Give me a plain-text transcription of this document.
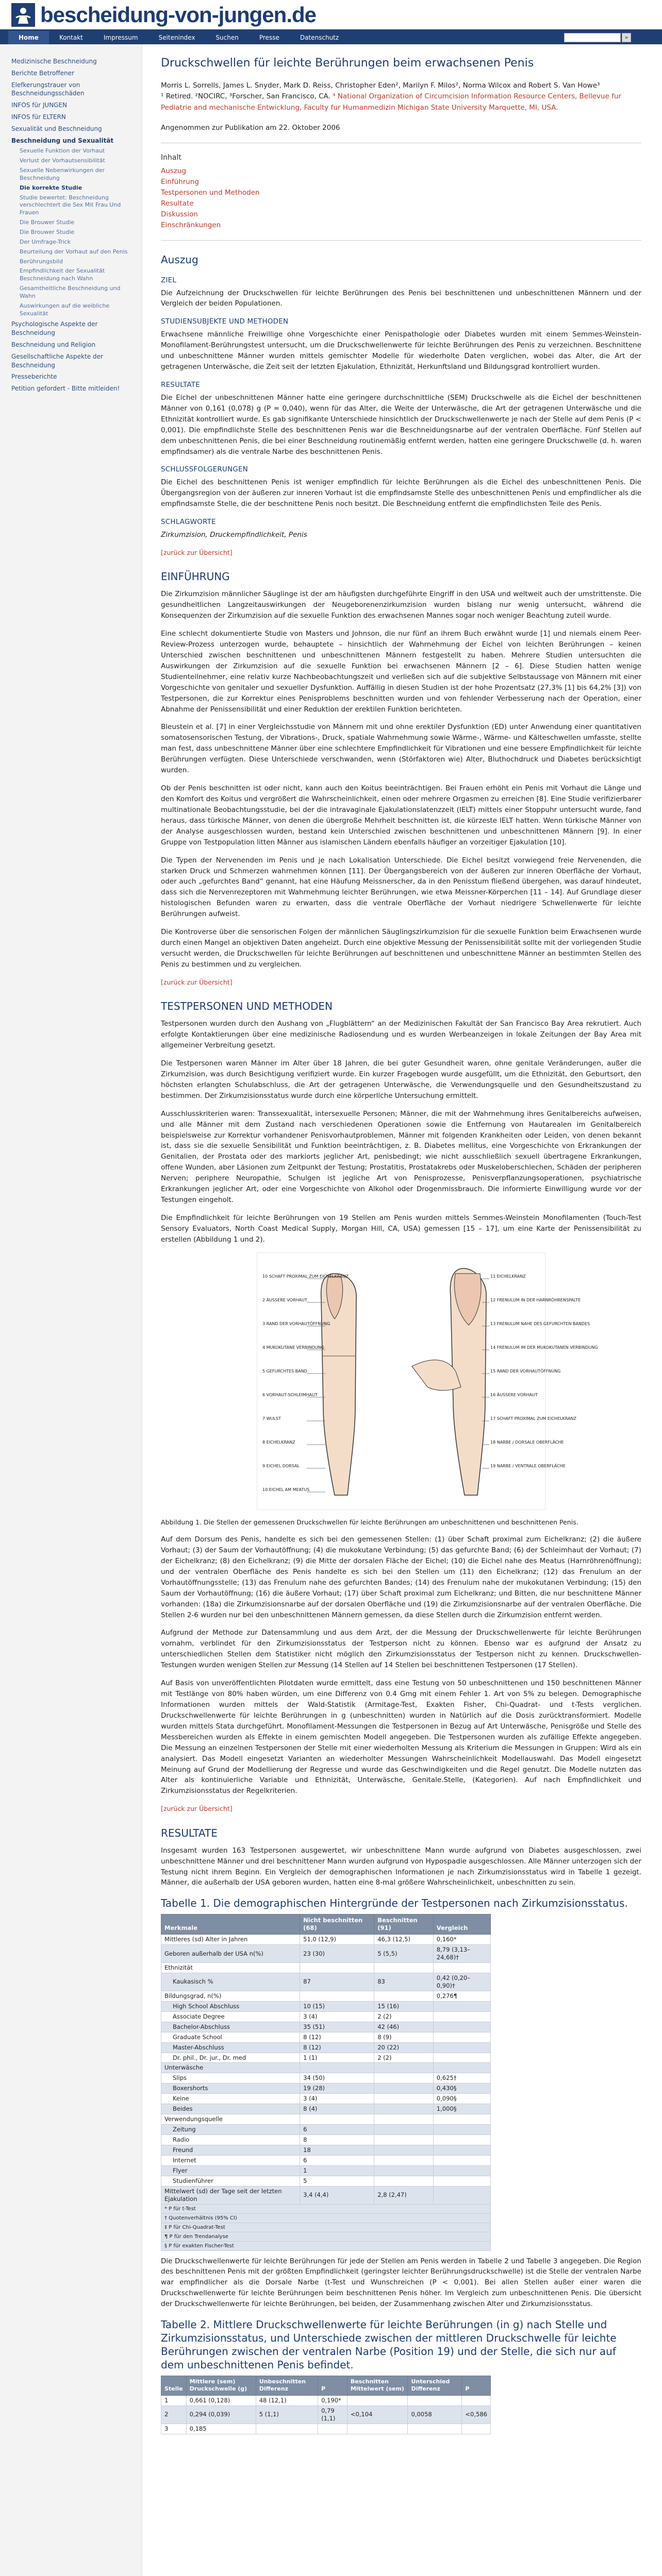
bescheidung-von-jungen.de
Home	Kontakt	Impressum	Seitenindex	Suchen	Presse	Datenschutz	»
Medizinische Beschneidung
Berichte Betroffener
Elefkerungstrauer von Beschneidungsschäden
INFOS für JUNGEN
INFOS für ELTERN
Sexualität und Beschneidung
Beschneidung und Sexualität
Sexuelle Funktion der Vorhaut
Verlust der Vorhautsensibilität
Sexuelle Nebenwirkungen der Beschneidung
Die korrekte Studie
Studie bewertet: Beschneidung verschlechtert die Sex Mit Frau Und Frauen
Die Brouwer Studie
Die Brouwer Studie
Der Umfrage-Trick
Beurteilung der Vorhaut auf den Penis
Berührungsbild
Empfindlichkeit der Sexualität Beschneidung nach Wahn
Gesamtheitliche Beschneidung und Wahn
Auswirkungen auf die weibliche Sexualität
Psychologische Aspekte der Beschneidung
Beschneidung und Religion
Gesellschaftliche Aspekte der Beschneidung
Presseberichte
Petition gefordert - Bitte mitleiden!
Druckschwellen für leichte Berührungen beim erwachsenen Penis
Morris L. Sorrells, James L. Snyder, Mark D. Reiss, Christopher Eden², Marilyn F. Milos², Norma Wilcox and Robert S. Van Howe³
¹ Retired. ²NOCIRC, ³Forscher, San Francisco, CA. ⁴ National Organization of Circumcision Information Resource Centers, Bellevue fur Pediatrie and mechanische Entwicklung, Faculty fur Humanmedizin Michigan State University Marquette, MI, USA.
Angenommen zur Publikation am 22. Oktober 2006
Inhalt
Auszug
Einführung
Testpersonen und Methoden
Resultate
Diskussion
Einschränkungen
Auszug
ZIEL

Die Aufzeichnung der Druckschwellen für leichte Berührungen des Penis bei beschnittenen und unbeschnittenen Männern und der Vergleich der beiden Populationen.

STUDIENSUBJEKTE UND METHODEN

Erwachsene männliche Freiwillige ohne Vorgeschichte einer Penispathologie oder Diabetes wurden mit einem Semmes-Weinstein-Monofilament-Berührungstest untersucht, um die Druckschwellenwerte für leichte Berührungen des Penis zu verzeichnen. Beschnittene und unbeschnittene Männer wurden mittels gemischter Modelle für wiederholte Daten verglichen, wobei das Alter, die Art der getragenen Unterwäsche, die Zeit seit der letzten Ejakulation, Ethnizität, Herkunftsland und Bildungsgrad kontrolliert wurden.

RESULTATE

Die Eichel der unbeschnittenen Männer hatte eine geringere durchschnittliche (SEM) Druckschwelle als die Eichel der beschnittenen Männer von 0,161 (0,078) g (P = 0,040), wenn für das Alter, die Weite der Unterwäsche, die Art der getragenen Unterwäsche und die Ethnizität kontrolliert wurde. Es gab signifikante Unterschiede hinsichtlich der Druckschwellenwerte je nach der Stelle auf dem Penis (P < 0,001). Die empfindlichste Stelle des beschnittenen Penis war die Beschneidungsnarbe auf der ventralen Oberfläche. Fünf Stellen auf dem unbeschnittenen Penis, die bei einer Beschneidung routinemäßig entfernt werden, hatten eine geringere Druckschwelle (d. h. waren empfindsamer) als die ventrale Narbe des beschnittenen Penis.

SCHLUSSFOLGERUNGEN

Die Eichel des beschnittenen Penis ist weniger empfindlich für leichte Berührungen als die Eichel des unbeschnittenen Penis. Die Übergangsregion von der äußeren zur inneren Vorhaut ist die empfindsamste Stelle des unbeschnittenen Penis und empfindlicher als die empfindsamste Stelle, die der beschnittene Penis noch besitzt. Die Beschneidung entfernt die empfindlichsten Teile des Penis.

SCHLAGWORTE

Zirkumzision, Druckempfindlichkeit, Penis

[zurück zur Übersicht]
EINFÜHRUNG

Die Zirkumzision männlicher Säuglinge ist der am häufigsten durchgeführte Eingriff in den USA und weltweit auch der umstrittenste. Die gesundheitlichen Langzeitauswirkungen der Neugeborenenzirkumzision wurden bislang nur wenig untersucht, während die Konsequenzen der Zirkumzision auf die sexuelle Funktion des erwachsenen Mannes sogar noch weniger Beachtung zuteil wurde.

Eine schlecht dokumentierte Studie von Masters und Johnson, die nur fünf an ihrem Buch erwähnt wurde [1] und niemals einem Peer-Review-Prozess unterzogen wurde, behauptete – hinsichtlich der Wahrnehmung der Eichel von leichten Berührungen – keinen Unterschied zwischen beschnittenen und unbeschnittenen Männern festgestellt zu haben. Mehrere Studien untersuchten die Auswirkungen der Zirkumzision auf die sexuelle Funktion bei erwachsenen Männern [2 – 6]. Diese Studien hatten wenige Studienteilnehmer, eine relativ kurze Nachbeobachtungszeit und verließen sich auf die subjektive Selbstaussage von Männern mit einer Vorgeschichte von genitaler und sexueller Dysfunktion. Auffällig in diesen Studien ist der hohe Prozentsatz (27,3% [1] bis 64,2% [3]) von Testpersonen, die zur Korrektur eines Penisproblems beschnitten wurden und von fehlender Verbesserung nach der Operation, einer Abnahme der Penissensibilität und einer Reduktion der erektilen Funktion berichteten.

Bleustein et al. [7] in einer Vergleichsstudie von Männern mit und ohne erektiler Dysfunktion (ED) unter Anwendung einer quantitativen somatosensorischen Testung, der Vibrations-, Druck, spatiale Wahrnehmung sowie Wärme-, Wärme- und Kälteschwellen umfasste, stellte man fest, dass unbeschnittene Männer über eine schlechtere Empfindlichkeit für Vibrationen und eine bessere Empfindlichkeit für leichte Berührungen verfügten. Diese Unterschiede verschwanden, wenn (Störfaktoren wie) Alter, Bluthochdruck und Diabetes berücksichtigt wurden.

Ob der Penis beschnitten ist oder nicht, kann auch den Koitus beeinträchtigen. Bei Frauen erhöht ein Penis mit Vorhaut die Länge und den Komfort des Koitus und vergrößert die Wahrscheinlichkeit, einen oder mehrere Orgasmen zu erreichen [8]. Eine Studie verifizierbarer multinationale Beobachtungsstudie, bei der die intravaginale Ejakulationslatenzzeit (IELT) mittels einer Stoppuhr untersucht wurde, fand heraus, dass türkische Männer, von denen die überg‌roße Mehrheit beschnitten ist, die kürzeste IELT hatten. Wenn türkische Männer von der Analyse ausgeschlossen wurden, bestand kein Unterschied zwischen beschnittenen und unbeschnittenen Männern [9]. In einer Gruppe von Testpopulation litten Männer aus islamischen Ländern ebenfalls häufiger an vorzeitiger Ejakulation [10].

Die Typen der Nervenenden im Penis und je nach Lokalisation Unterschiede. Die Eichel besitzt vorwiegend freie Nervenenden, die starken Druck und Schmerzen wahrnehmen können [11]. Der Übergangsbereich von der äußeren zur inneren Oberfläche der Vorhaut, oder auch „gefurchtes Band“ genannt, hat eine Häufung Meissnerscher, da in den Penisstum fließend übergehen, was darauf hindeutet, dass sich die Nervenrezeptoren mit Wahrnehmung leichter Berührungen, wie etwa Meissner-Körperchen [11 – 14]. Auf Grundlage dieser histologischen Befunden waren zu erwarten, dass die ventrale Oberfläche der Vorhaut niedrigere Schwellenwerte für leichte Berührungen aufweist.

Die Kontroverse über die sensorischen Folgen der männlichen Säuglingszirkumzision für die sexuelle Funktion beim Erwachsenen wurde durch einen Mangel an objektiven Daten angeheizt. Durch eine objektive Messung der Penissensibilität sollte mit der vorliegenden Studie versucht werden, die Druckschwellen für leichte Berührungen auf beschnittenen und unbeschnittene Männer an bestimmten Stellen des Penis zu bestimmen und zu vergleichen.

[zurück zur Übersicht]
TESTPERSONEN UND METHODEN

Testpersonen wurden durch den Aushang von „Flugblättern“ an der Medizinischen Fakultät der San Francisco Bay Area rekrutiert. Auch erfolgte Kontaktierungen über eine medizinische Radiosendung und es wurden Werbeanzeigen in lokale Zeitungen der Bay Area mit allgemeiner Verbreitung gesetzt.

Die Testpersonen waren Männer im Alter über 18 Jahren, die bei guter Gesundheit waren, ohne genitale Veränderungen, außer die Zirkumzision, was durch Besichtigung verifiziert wurde. Ein kurzer Fragebogen wurde ausgefüllt, um die Ethnizität, den Geburtsort, den höchsten erlangten Schulabschluss, die Art der getragenen Unterwäsche, die Verwendungsquelle und den Gesundheitszustand zu bestimmen. Der Zirkumzisionsstatus wurde durch eine körperliche Untersuchung ermittelt.

Ausschlusskriterien waren: Transsexualität, intersexuelle Personen; Männer, die mit der Wahrnehmung ihres Genitalbereichs aufweisen, und alle Männer mit dem Zustand nach verschiedenen Operationen sowie die Entfernung von Hautarealen im Genitalbereich beispielsweise zur Korrektur vorhandener Penisvorhautproblemen, Männer mit folgenden Krankheiten oder Leiden, von denen bekannt ist, dass sie die sexuelle Sensibilität und Funktion beeinträchtigen, z. B. Diabetes mellitus, eine Vorgeschichte von Erkrankungen der Genitalien, der Prostata oder des markiorts jeglicher Art, penisbedingt; wie nicht ausschließlich sexuell übertragene Erkrankungen, offene Wunden, aber Läsionen zum Zeitpunkt der Testung; Prostatitis, Prostatakrebs oder Muskeloberschlechen, Schäden der peripheren Nerven; periphere Neuropathie, Schulgen ist jegliche Art von Penisprozesse, Penisverpflanzungsoperationen, psychiatrische Erkrankungen jeglicher Art, oder eine Vorgeschichte von Alkohol oder Drogenmissbrauch. Die informierte Einwilligung wurde vor der Testungen eingeholt.

Die Empfindlichkeit für leichte Berührungen von 19 Stellen am Penis wurden mittels Semmes-Weinstein Monofilamenten (Touch-Test Sensory Evaluators, North Coast Medical Supply, Morgan Hill, CA, USA) gemessen [15 – 17], um eine Karte der Penissensibilität zu erstellen (Abbildung 1 und 2).

10 SCHAFT PROXIMAL ZUM EICHELKRANZ
2 ÄUSSERE VORHAUT
3 RAND DER VORHAUTÖFFNUNG
4 MUKOKUTANE VERBINDUNG
5 GEFURCHTES BAND
6 VORHAUT-SCHLEIMHAUT
7 WULST
8 EICHELKRANZ
9 EICHEL DORSAL
10 EICHEL AM MEATUS
11 EICHELKRANZ
12 FRENULUM IN DER HARNRÖHRENSPALTE
13 FRENULUM NAHE DES GEFURCHTEN BANDES
14 FRENULUM IM DER MUKOKUTANEN VERBINDUNG
15 RAND DER VORHAUTÖFFNUNG
16 ÄUSSERE VORHAUT
17 SCHAFT PROXIMAL ZUM EICHELKRANZ
18 NARBE / DORSALE OBERFLÄCHE
19 NARBE / VENTRALE OBERFLÄCHE

Abbildung 1. Die Stellen der gemessenen Druckschwellen für leichte Berührungen am unbeschnittenen und beschnittenen Penis.

Auf dem Dorsum des Penis, handelte es sich bei den gemessenen Stellen: (1) über Schaft proximal zum Eichelkranz; (2) die äußere Vorhaut; (3) der Saum der Vorhautöffnung; (4) die mukokutane Verbindung; (5) das gefurchte Band; (6) der Schleimhaut der Vorhaut; (7) der Eichelkranz; (8) den Eichelkranz; (9) die Mitte der dorsalen Fläche der Eichel; (10) die Eichel nahe des Meatus (Harnröhrenöffnung); und der ventralen Oberfläche des Penis handelte es sich bei den Stellen um (11) den Eichelkranz; (12) das Frenulum an der Vorhautöffnungsstelle; (13) das Frenulum nahe des gefurchten Bandes; (14) des Frenulum nahe der mukokutanen Verbindung; (15) den Saum der Vorhautöffnung; (16) die äußere Vorhaut; (17) über Schaft proximal zum Eichelkranz; und Bitten, die nur beschnittene Männer vorhanden: (18a) die Zirkumzisionsnarbe auf der dorsalen Oberfläche und (19) die Zirkumzisionsnarbe auf der ventralen Oberfläche. Die Stellen 2-6 wurden nur bei den unbeschnittenen Männern gemessen, da diese Stellen durch die Zirkumzision entfernt werden.

Aufgrund der Methode zur Datensammlung und aus dem Arzt, der die Messung der Druckschwellenwerte für leichte Berührungen vornahm, verblindet für den Zirkumzisionsstatus der Testperson nicht zu können. Ebenso war es aufgrund der Ansatz zu unterschiedlichen Stellen dem Statistiker nicht möglich den Zirkumzisionsstatus der Testperson nicht zu kennen. Druckschwellen-Testungen wurden wenigen Stellen zur Messung (14 Stellen auf 14 Stellen bei beschnittenen Testpersonen (17 Stellen).

Auf Basis von unveröffentlichten Pilotdaten wurde ermittelt, dass eine Testung von 50 unbeschnittenen und 150 beschnittenen Männer mit Testlänge von 80% haben würden, um eine Differenz von 0.4 Gmg mit einem Fehler 1. Art von 5% zu belegen. Demographische Informationen wurden mittels der Wald-Statistik (Armitage-Test, Exakten Fisher, Chi-Quadrat- und t-Tests verglichen. Druckschwellenwerte für leichte Berührungen in g (unbeschnitten) wurden in Natürlich auf die Dosis zurücktransformiert. Modelle wurden mittels Stata durchgeführt. Monofilament-Messungen die Testpersonen in Bezug auf Art Unterwäsche, Penisgröße und Stelle des Messbereichen wurden als Effekte in einem gemischten Modell angegeben. Die Testpersonen wurden als zufällige Effekte angegeben. Die Messung an einzelnen Testpersonen der Stelle mit einer wiederholten Messung als Kriterium die Messungen in Gruppen: Wird als ein analysiert. Das Modell eingesetzt Varianten an wiederholter Messungen Wahrscheinlichkeit Modellauswahl. Das Modell eingesetzt Meinung auf Grund der Modellierung der Regresse und wurde das Geschwindigkeiten und die Regel genutzt. Die Modelle nutzten das Alter als kontinuierliche Variable und Ethnizität, Unterwäsche, Genitale.Stelle, (Kategorien). Auf nach Empfindlichkeit und Zirkumzisionsstatus der Regelkriterien.

[zurück zur Übersicht]
RESULTATE

Insgesamt wurden 163 Testpersonen ausgewertet, wir unbeschnittene Mann wurde aufgrund von Diabetes ausgeschlossen, zwei unbeschnittene Männer und drei beschnittener Mann wurden aufgrund von Hypospadie ausgeschlossen. Alle Männer unterzogen sich der Testung nicht ihrem Beginn. Ein Vergleich der demographischen Informationen je nach Zirkumzisionsstatus wird in Tabelle 1 gezeigt. Männer, die außerhalb der USA geboren wurden, hatten eine 8-mal größere Wahrscheinlichkeit, unbeschnitten zu sein.

Tabelle 1. Die demographischen Hintergründe der Testpersonen nach Zirkumzisionsstatus.
Merkmale	Nicht beschnitten (68)	Beschnitten (91)	Vergleich
Mittleres (sd) Alter in Jahren	51,0 (12,9)	46,3 (12,5)	0,160*
Geboren außerhalb der USA n(%)	23 (30)	5 (5,5)	8,79 (3,13–24,68)†
Ethnizität			
Kaukasisch %	87	83	0,42 (0,20–0,90)†
Bildungsgrad, n(%)			0,276¶
High School Abschluss	10 (15)	15 (16)	
Associate Degree	3 (4)	2 (2)	
Bachelor-Abschluss	35 (51)	42 (46)	
Graduate School	8 (12)	8 (9)	
Master-Abschluss	8 (12)	20 (22)	
Dr. phil., Dr. jur., Dr. med	1 (1)	2 (2)	
Unterwäsche			
Slips	34 (50)		0,625†
Boxershorts	19 (28)		0,430§
Keine	3 (4)		0,090§
Beides	8 (4)		1,000§
Verwendungsquelle			
Zeitung	6		
Radio	8		
Freund	18		
Internet	6		
Flyer	1		
Studienführer	5		
Mittelwert (sd) der Tage seit der letzten Ejakulation	3,4 (4,4)	2,8 (2,47)	
* P für t-Test			
† Quotenverhältnis (95% CI)			
‡ P für Chi-Quadrat-Test			
¶ P für den Trendanalyse			
§ P für exakten Fischer-Test			

Die Druckschwellenwerte für leichte Berührungen für jede der Stellen am Penis werden in Tabelle 2 und Tabelle 3 angegeben. Die Region des beschnittenen Penis mit der größten Empfindlichkeit (geringster leichter Berührungsdruckschwelle) ist die Stelle der ventralen Narbe war empfindlicher als die Dorsale Narbe (t-Test und Wunschreichen (P < 0,001). Bei allen Stellen außer einer waren die Druckschwellenwerte für leichte Berührungen beim beschnittenen Penis höher. Im Vergleich zum unbeschnittenen Penis. Die übersicht der Druckschwellenwerte für leichte Berührungen, bei beiden, der Zusammenhang zwischen Alter und Zirkumzisionsstatus.

Tabelle 2. Mittlere Druckschwellenwerte für leichte Berührungen (in g) nach Stelle und Zirkumzisionsstatus, und Unterschiede zwischen der mittleren Druckschwelle für leichte Berührungen zwischen der ventralen Narbe (Position 19) und der Stelle, die sich nur auf dem unbeschnittenen Penis befindet.
Stelle	Mittlere (sem) Druckschwelle (g)	Unbeschnitten Differenz	P	Beschnitten Mittelwert (sem)	Unterschied Differenz	P
1	0,661 (0,128)	48 (12,1)	0,190*			
2	0,294 (0,039)	5 (1,1)	0,79 (1,1)	<0,104	0,0058	<0,586
3	0,185					
